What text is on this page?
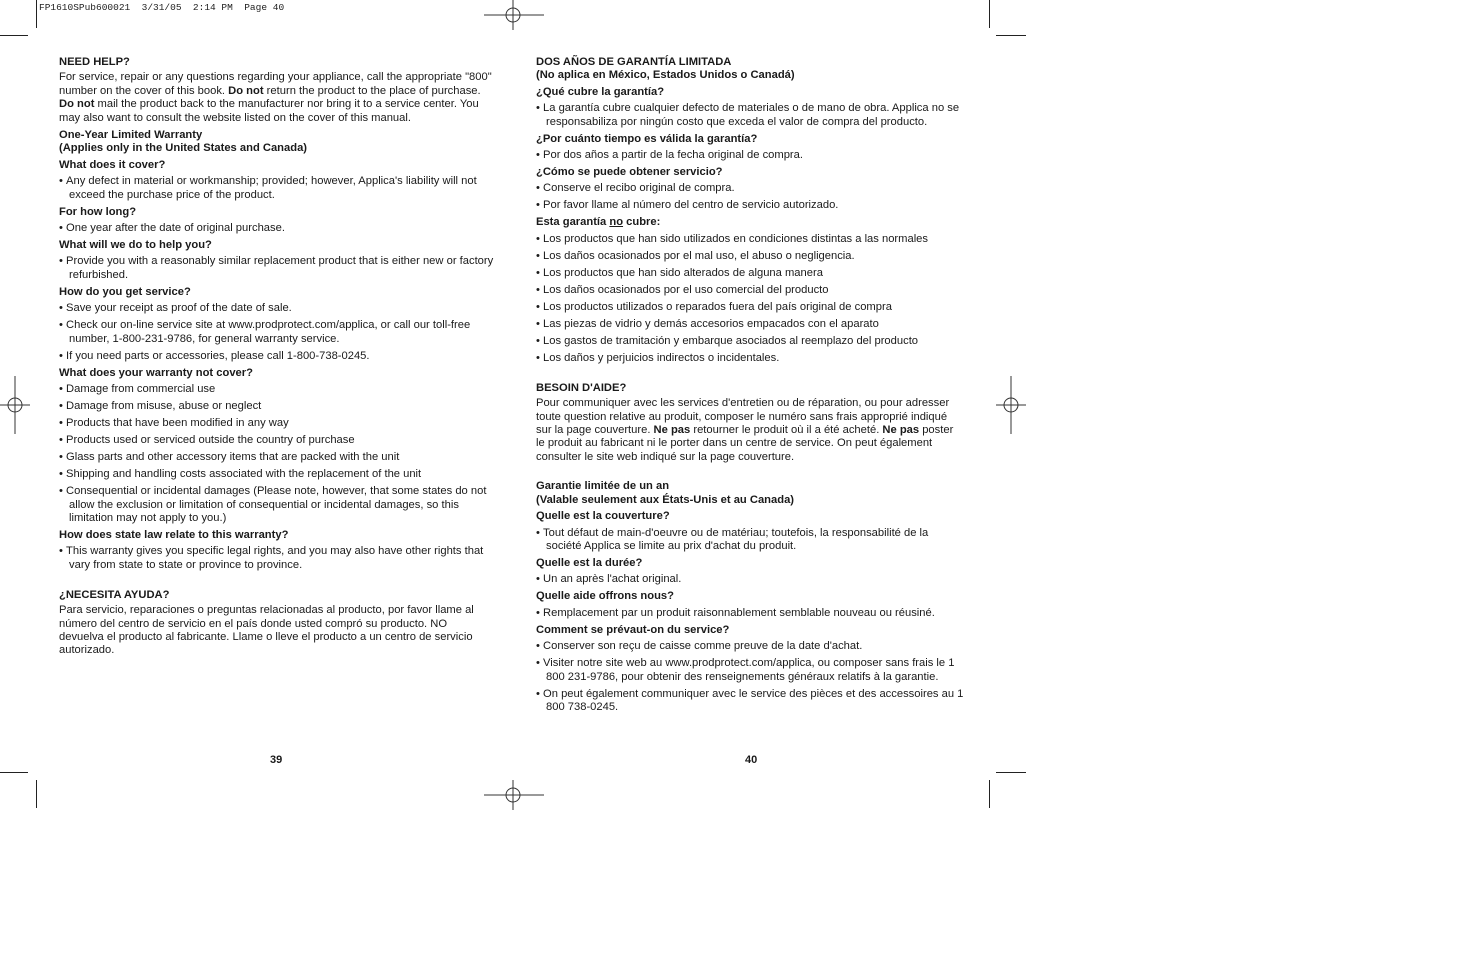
FP1610SPub600021  3/31/05  2:14 PM  Page 40

NEED HELP?

For service, repair or any questions regarding your appliance, call the appropriate "800" number on the cover of this book. Do not return the product to the place of purchase. Do not mail the product back to the manufacturer nor bring it to a service center. You may also want to consult the website listed on the cover of this manual.

One-Year Limited Warranty

(Applies only in the United States and Canada)

What does it cover?

• Any defect in material or workmanship; provided; however, Applica's liability will not exceed the purchase price of the product.

For how long?

• One year after the date of original purchase.

What will we do to help you?

• Provide you with a reasonably similar replacement product that is either new or factory refurbished.

How do you get service?

• Save your receipt as proof of the date of sale.
• Check our on-line service site at www.prodprotect.com/applica, or call our toll-free number, 1-800-231-9786, for general warranty service.
• If you need parts or accessories, please call 1-800-738-0245.

What does your warranty not cover?

• Damage from commercial use
• Damage from misuse, abuse or neglect
• Products that have been modified in any way
• Products used or serviced outside the country of purchase
• Glass parts and other accessory items that are packed with the unit
• Shipping and handling costs associated with the replacement of the unit
• Consequential or incidental damages (Please note, however, that some states do not allow the exclusion or limitation of consequential or incidental damages, so this limitation may not apply to you.)

How does state law relate to this warranty?

• This warranty gives you specific legal rights, and you may also have other rights that vary from state to state or province to province.

¿NECESITA AYUDA?

Para servicio, reparaciones o preguntas relacionadas al producto, por favor llame al número del centro de servicio en el país donde usted compró su producto. NO devuelva el producto al fabricante. Llame o lleve el producto a un centro de servicio autorizado.

39

DOS AÑOS DE GARANTÍA LIMITADA

(No aplica en México, Estados Unidos o Canadá)

¿Qué cubre la garantía?

• La garantía cubre cualquier defecto de materiales o de mano de obra. Applica no se responsabiliza por ningún costo que exceda el valor de compra del producto.

¿Por cuánto tiempo es válida la garantía?

• Por dos años a partir de la fecha original de compra.

¿Cómo se puede obtener servicio?

• Conserve el recibo original de compra.
• Por favor llame al número del centro de servicio autorizado.

Esta garantía no cubre:

• Los productos que han sido utilizados en condiciones distintas a las normales
• Los daños ocasionados por el mal uso, el abuso o negligencia.
• Los productos que han sido alterados de alguna manera
• Los daños ocasionados por el uso comercial del producto
• Los productos utilizados o reparados fuera del país original de compra
• Las piezas de vidrio y demás accesorios empacados con el aparato
• Los gastos de tramitación y embarque asociados al reemplazo del producto
• Los daños y perjuicios indirectos o incidentales.

BESOIN D'AIDE?

Pour communiquer avec les services d'entretien ou de réparation, ou pour adresser toute question relative au produit, composer le numéro sans frais approprié indiqué sur la page couverture. Ne pas retourner le produit où il a été acheté. Ne pas poster le produit au fabricant ni le porter dans un centre de service. On peut également consulter le site web indiqué sur la page couverture.

Garantie limitée de un an

(Valable seulement aux États-Unis et au Canada)

Quelle est la couverture?

• Tout défaut de main-d'oeuvre ou de matériau; toutefois, la responsabilité de la société Applica se limite au prix d'achat du produit.

Quelle est la durée?

• Un an après l'achat original.

Quelle aide offrons nous?

• Remplacement par un produit raisonnablement semblable nouveau ou réusiné.

Comment se prévaut-on du service?

• Conserver son reçu de caisse comme preuve de la date d'achat.
• Visiter notre site web au www.prodprotect.com/applica, ou composer sans frais le 1 800 231-9786, pour obtenir des renseignements généraux relatifs à la garantie.
• On peut également communiquer avec le service des pièces et des accessoires au 1 800 738-0245.
40
